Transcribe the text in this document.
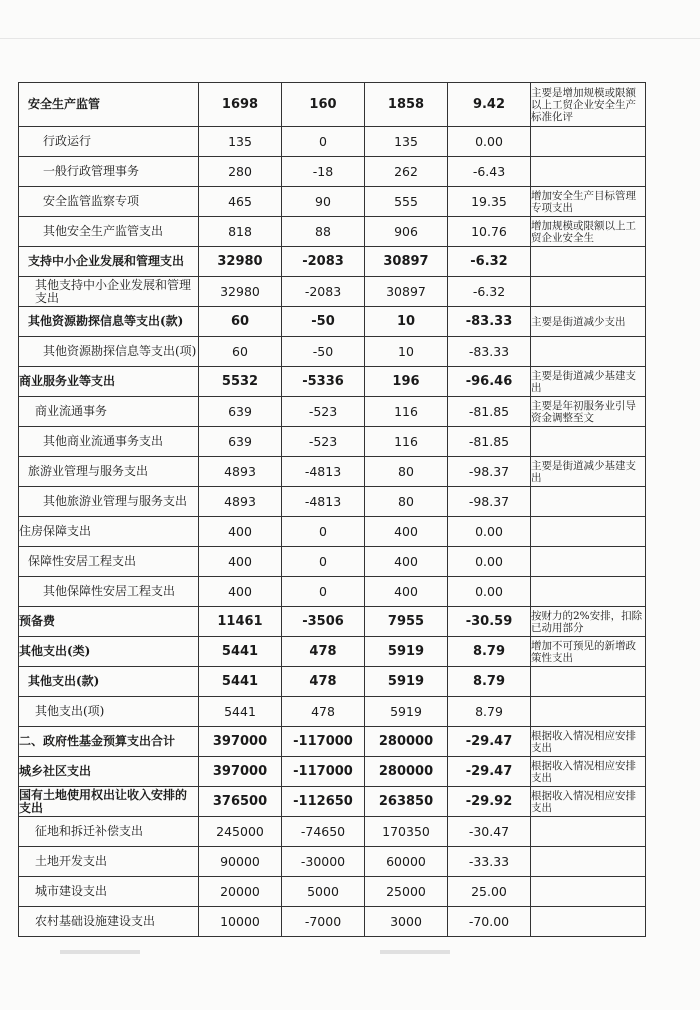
安全生产监管	1698	160	1858	9.42	主要是增加规模或限额以上工贸企业安全生产标准化评
行政运行	135	0	135	0.00	
一般行政管理事务	280	-18	262	-6.43	
安全监管监察专项	465	90	555	19.35	增加安全生产目标管理专项支出
其他安全生产监管支出	818	88	906	10.76	增加规模或限额以上工贸企业安全生
支持中小企业发展和管理支出	32980	-2083	30897	-6.32	
其他支持中小企业发展和管理支出	32980	-2083	30897	-6.32	
其他资源勘探信息等支出(款)	60	-50	10	-83.33	主要是街道减少支出
其他资源勘探信息等支出(项)	60	-50	10	-83.33	
商业服务业等支出	5532	-5336	196	-96.46	主要是街道减少基建支出
商业流通事务	639	-523	116	-81.85	主要是年初服务业引导资金调整至文
其他商业流通事务支出	639	-523	116	-81.85	
旅游业管理与服务支出	4893	-4813	80	-98.37	主要是街道减少基建支出
其他旅游业管理与服务支出	4893	-4813	80	-98.37	
住房保障支出	400	0	400	0.00	
保障性安居工程支出	400	0	400	0.00	
其他保障性安居工程支出	400	0	400	0.00	
预备费	11461	-3506	7955	-30.59	按财力的2%安排，扣除已动用部分
其他支出(类)	5441	478	5919	8.79	增加不可预见的新增政策性支出
其他支出(款)	5441	478	5919	8.79	
其他支出(项)	5441	478	5919	8.79	
二、政府性基金预算支出合计	397000	-117000	280000	-29.47	根据收入情况相应安排支出
城乡社区支出	397000	-117000	280000	-29.47	根据收入情况相应安排支出
国有土地使用权出让收入安排的支出	376500	-112650	263850	-29.92	根据收入情况相应安排支出
征地和拆迁补偿支出	245000	-74650	170350	-30.47	
土地开发支出	90000	-30000	60000	-33.33	
城市建设支出	20000	5000	25000	25.00	
农村基础设施建设支出	10000	-7000	3000	-70.00	
